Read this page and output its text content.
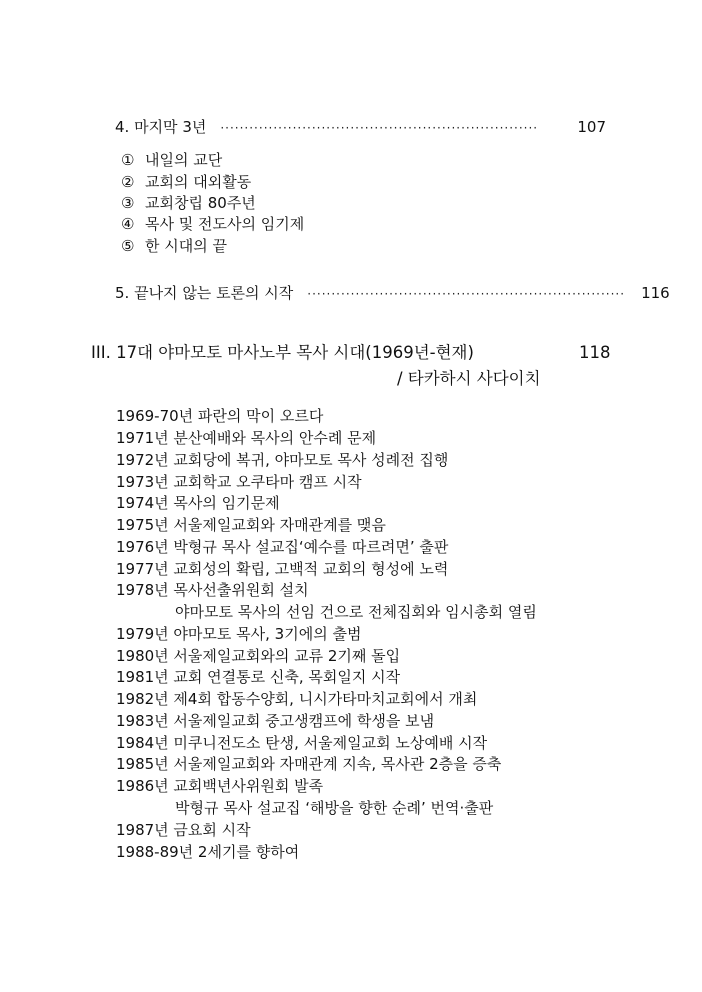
4. 마지막 3년 ··································································	107
① 내일의 교단
② 교회의 대외활동
③ 교회창립 80주년
④ 목사 및 전도사의 임기제
⑤ 한 시대의 끝
5. 끝나지 않는 토론의 시작 ·································································· 116
III. 17대 야마모토 마사노부 목사 시대(1969년-현재)	118
/ 타카하시 사다이치
1969-70년 파란의 막이 오르다
1971년 분산예배와 목사의 안수례 문제
1972년 교회당에 복귀, 야마모토 목사 성례전 집행
1973년 교회학교 오쿠타마 캠프 시작
1974년 목사의 임기문제
1975년 서울제일교회와 자매관계를 맺음
1976년 박형규 목사 설교집‘예수를 따르려면’ 출판
1977년 교회성의 확립, 고백적 교회의 형성에 노력
1978년 목사선출위원회 설치
야마모토 목사의 선임 건으로 전체집회와 임시총회 열림
1979년 야마모토 목사, 3기에의 출범
1980년 서울제일교회와의 교류 2기째 돌입
1981년 교회 연결통로 신축, 목회일지 시작
1982년 제4회 합동수양회, 니시가타마치교회에서 개최
1983년 서울제일교회 중고생캠프에 학생을 보냄
1984년 미쿠니전도소 탄생, 서울제일교회 노상예배 시작
1985년 서울제일교회와 자매관계 지속, 목사관 2층을 증축
1986년 교회백년사위원회 발족
박형규 목사 설교집 ‘해방을 향한 순례’ 번역·출판
1987년 금요회 시작
1988-89년 2세기를 향하여
